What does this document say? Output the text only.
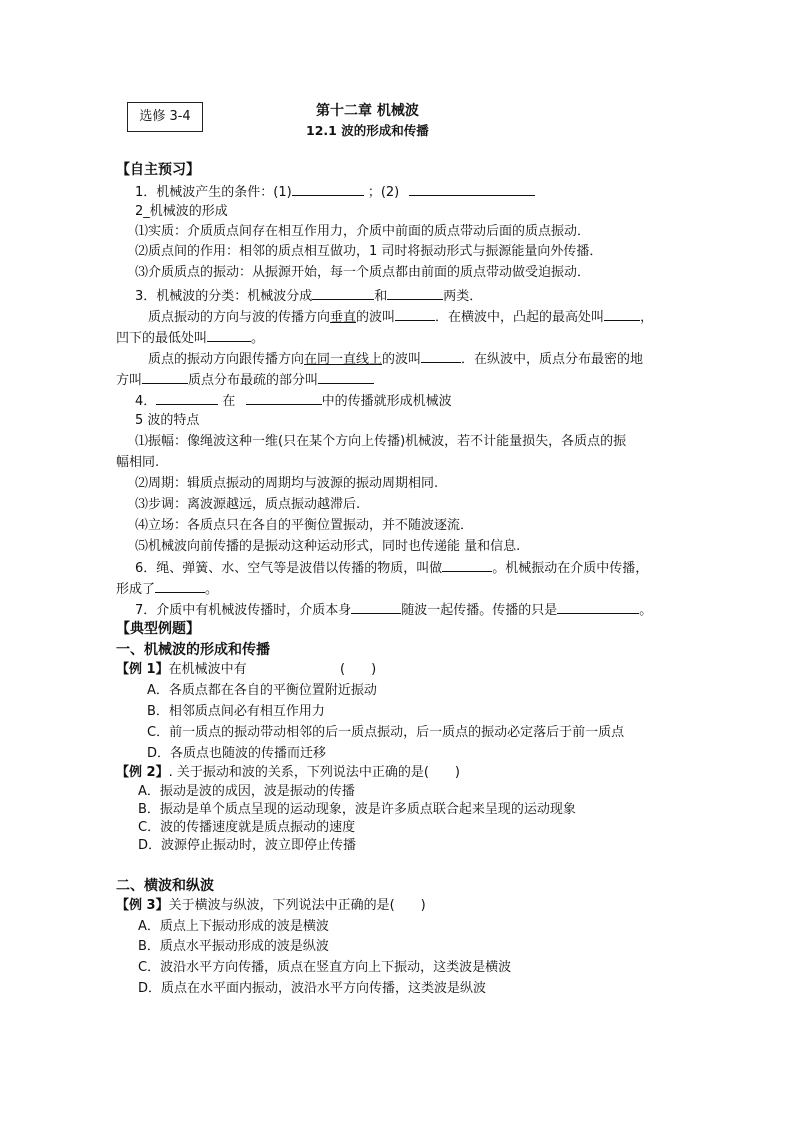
选修 3-4	第十二章 机械波
12.1 波的形成和传播
【自主预习】
1．机械波产生的条件：(1)	；(2)
2_机械波的形成
⑴实质：介质质点间存在相互作用力，介质中前面的质点带动后面的质点振动．
⑵质点间的作用：相邻的质点相互做功，1 司时将振动形式与振源能量向外传播．
⑶介质质点的振动：从振源开始，每一个质点都由前面的质点带动做受迫振动．
3．机械波的分类：机械波分成	和	两类．
质点振动的方向与波的传播方向垂直的波叫	．在横波中，凸起的最高处叫	，
凹下的最低处叫	。
质点的振动方向跟传播方向在同一直线上的波叫	．在纵波中，质点分布最密的地
方叫	质点分布最疏的部分叫
4．	在	中的传播就形成机械波
5 波的特点
⑴振幅：像绳波这种一维(只在某个方向上传播)机械波，若不计能量损失，各质点的振
幅相同.
⑵周期：辑质点振动的周期均与波源的振动周期相同.
⑶步调：离波源越远，质点振动越滞后.
⑷立场：各质点只在各自的平衡位置振动，并不随波逐流．
⑸机械波向前传播的是振动这种运动形式，同时也传递能 量和信息.
6．绳、弹簧、水、空气等是波借以传播的物质，叫做	。机械振动在介质中传播，
形成了	。
7．介质中有机械波传播时，介质本身	随波一起传播。传播的只是	。
【典型例题】
一、机械波的形成和传播
【例 1】在机械波中有	(　　)
A．各质点都在各自的平衡位置附近振动
B．相邻质点间必有相互作用力
C．前一质点的振动带动相邻的后一质点振动，后一质点的振动必定落后于前一质点
D．各质点也随波的传播而迁移
【例 2】. 关于振动和波的关系，下列说法中正确的是(　　)
A．振动是波的成因，波是振动的传播
B．振动是单个质点呈现的运动现象，波是许多质点联合起来呈现的运动现象
C．波的传播速度就是质点振动的速度
D．波源停止振动时，波立即停止传播
二、横波和纵波
【例 3】关于横波与纵波，下列说法中正确的是(　　)
A．质点上下振动形成的波是横波
B．质点水平振动形成的波是纵波
C．波沿水平方向传播，质点在竖直方向上下振动，这类波是横波
D．质点在水平面内振动，波沿水平方向传播，这类波是纵波
